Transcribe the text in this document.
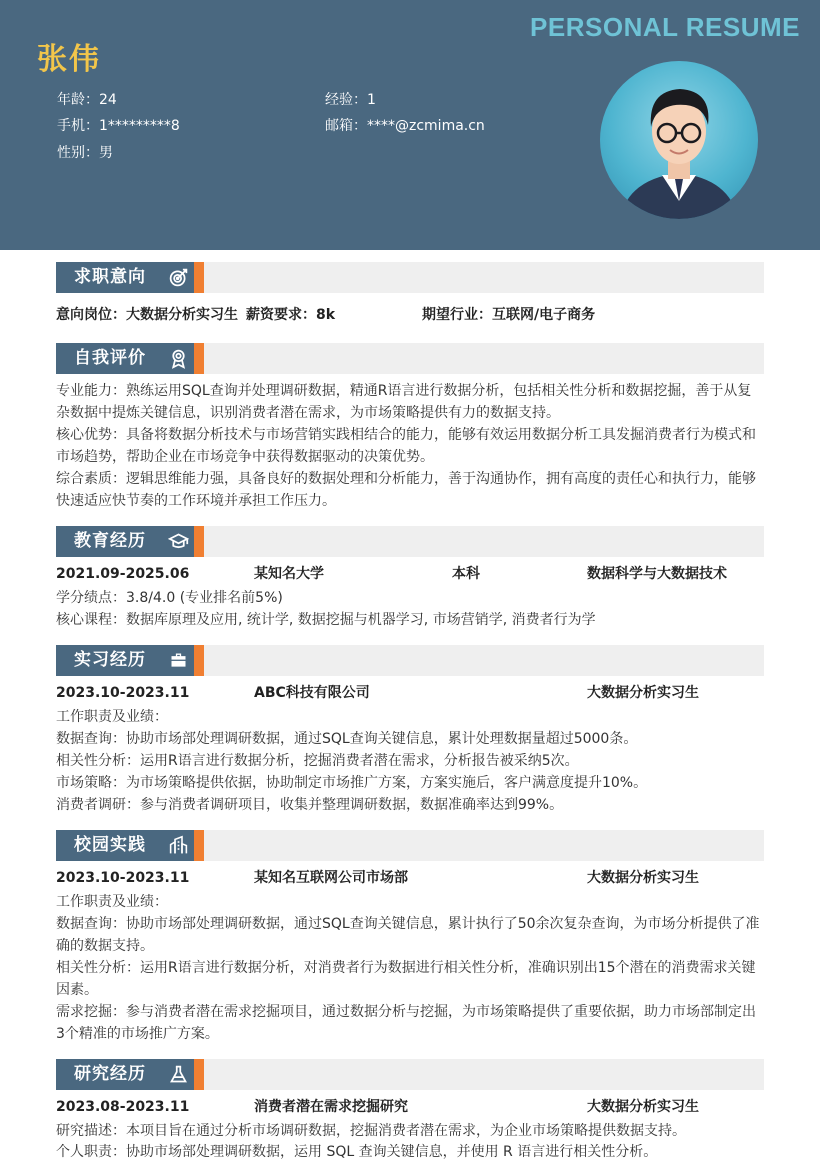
PERSONAL RESUME
张伟
年龄：24	经验：1
手机：1*********8	邮箱：****@zcmima.cn
性别：男
求职意向
意向岗位：大数据分析实习生 薪资要求：8k	期望行业：互联网/电子商务
自我评价
专业能力：熟练运用SQL查询并处理调研数据，精通R语言进行数据分析，包括相关性分析和数据挖掘，善于从复杂数据中提炼关键信息，识别消费者潜在需求，为市场策略提供有力的数据支持。
核心优势：具备将数据分析技术与市场营销实践相结合的能力，能够有效运用数据分析工具发掘消费者行为模式和市场趋势，帮助企业在市场竞争中获得数据驱动的决策优势。
综合素质：逻辑思维能力强，具备良好的数据处理和分析能力，善于沟通协作，拥有高度的责任心和执行力，能够快速适应快节奏的工作环境并承担工作压力。
教育经历
2021.09-2025.06	某知名大学	本科	数据科学与大数据技术
学分绩点：3.8/4.0 (专业排名前5%)
核心课程：数据库原理及应用, 统计学, 数据挖掘与机器学习, 市场营销学, 消费者行为学
实习经历
2023.10-2023.11	ABC科技有限公司	大数据分析实习生
工作职责及业绩：
数据查询：协助市场部处理调研数据，通过SQL查询关键信息，累计处理数据量超过5000条。
相关性分析：运用R语言进行数据分析，挖掘消费者潜在需求，分析报告被采纳5次。
市场策略：为市场策略提供依据，协助制定市场推广方案，方案实施后，客户满意度提升10%。
消费者调研：参与消费者调研项目，收集并整理调研数据，数据准确率达到99%。
校园实践
2023.10-2023.11	某知名互联网公司市场部	大数据分析实习生
工作职责及业绩：
数据查询：协助市场部处理调研数据，通过SQL查询关键信息，累计执行了50余次复杂查询，为市场分析提供了准确的数据支持。
相关性分析：运用R语言进行数据分析，对消费者行为数据进行相关性分析，准确识别出15个潜在的消费需求关键因素。
需求挖掘：参与消费者潜在需求挖掘项目，通过数据分析与挖掘，为市场策略提供了重要依据，助力市场部制定出3个精准的市场推广方案。
研究经历
2023.08-2023.11	消费者潜在需求挖掘研究	大数据分析实习生
研究描述：本项目旨在通过分析市场调研数据，挖掘消费者潜在需求，为企业市场策略提供数据支持。
个人职责：协助市场部处理调研数据，运用 SQL 查询关键信息，并使用 R 语言进行相关性分析。
